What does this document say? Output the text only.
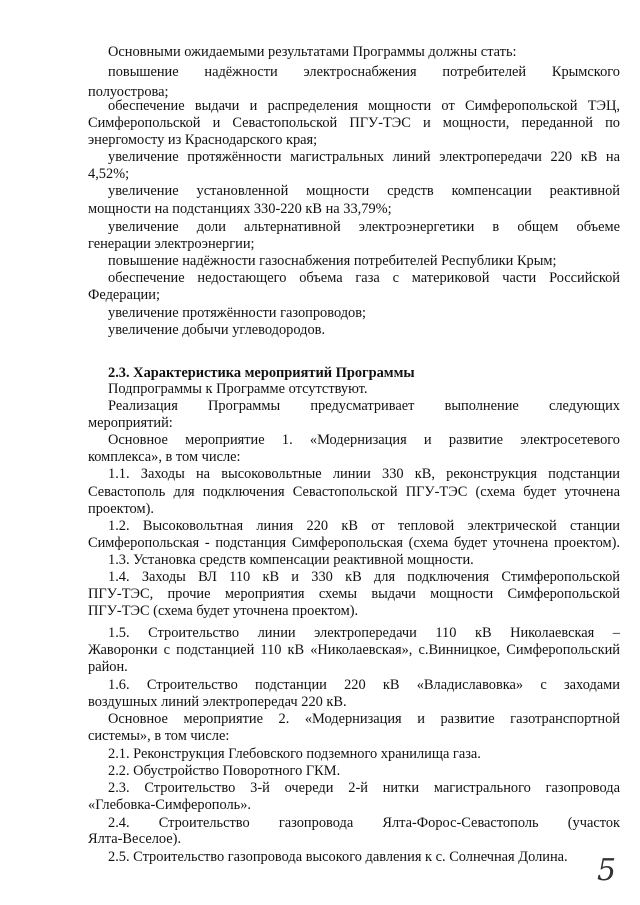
Основными ожидаемыми результатами Программы должны стать:
повышение надёжности электроснабжения потребителей Крымского
полуострова;
обеспечение выдачи и распределения мощности от Симферопольской ТЭЦ,
Симферопольской и Севастопольской ПГУ-ТЭС и мощности, переданной по
энергомосту из Краснодарского края;
увеличение протяжённости магистральных линий электропередачи 220 кВ на
4,52%;
увеличение установленной мощности средств компенсации реактивной
мощности на подстанциях 330-220 кВ на 33,79%;
увеличение доли альтернативной электроэнергетики в общем объеме
генерации электроэнергии;
повышение надёжности газоснабжения потребителей Республики Крым;
обеспечение недостающего объема газа с материковой части Российской
Федерации;
увеличение протяжённости газопроводов;
увеличение добычи углеводородов.
2.3. Характеристика мероприятий Программы
Подпрограммы к Программе отсутствуют.
Реализация Программы предусматривает выполнение следующих
мероприятий:
Основное мероприятие 1. «Модернизация и развитие электросетевого
комплекса», в том числе:
1.1. Заходы на высоковольтные линии 330 кВ, реконструкция подстанции
Севастополь для подключения Севастопольской ПГУ-ТЭС (схема будет уточнена
проектом).
1.2. Высоковольтная линия 220 кВ от тепловой электрической станции
Симферопольская - подстанция Симферопольская (схема будет уточнена проектом).
1.3. Установка средств компенсации реактивной мощности.
1.4. Заходы ВЛ 110 кВ и 330 кВ для подключения Стимферопольской
ПГУ-ТЭС, прочие мероприятия схемы выдачи мощности Симферопольской
ПГУ-ТЭС (схема будет уточнена проектом).
1.5. Строительство линии электропередачи 110 кВ Николаевская –
Жаворонки с подстанцией 110 кВ «Николаевская», с.Винницкое, Симферопольский
район.
1.6. Строительство подстанции 220 кВ «Владиславовка» с заходами
воздушных линий электропередач 220 кВ.
Основное мероприятие 2. «Модернизация и развитие газотранспортной
системы», в том числе:
2.1. Реконструкция Глебовского подземного хранилища газа.
2.2. Обустройство Поворотного ГКМ.
2.3. Строительство 3-й очереди 2-й нитки магистрального газопровода
«Глебовка-Симферополь».
2.4. Строительство газопровода Ялта-Форос-Севастополь (участок
Ялта-Веселое).
2.5. Строительство газопровода высокого давления к с. Солнечная Долина. 5
